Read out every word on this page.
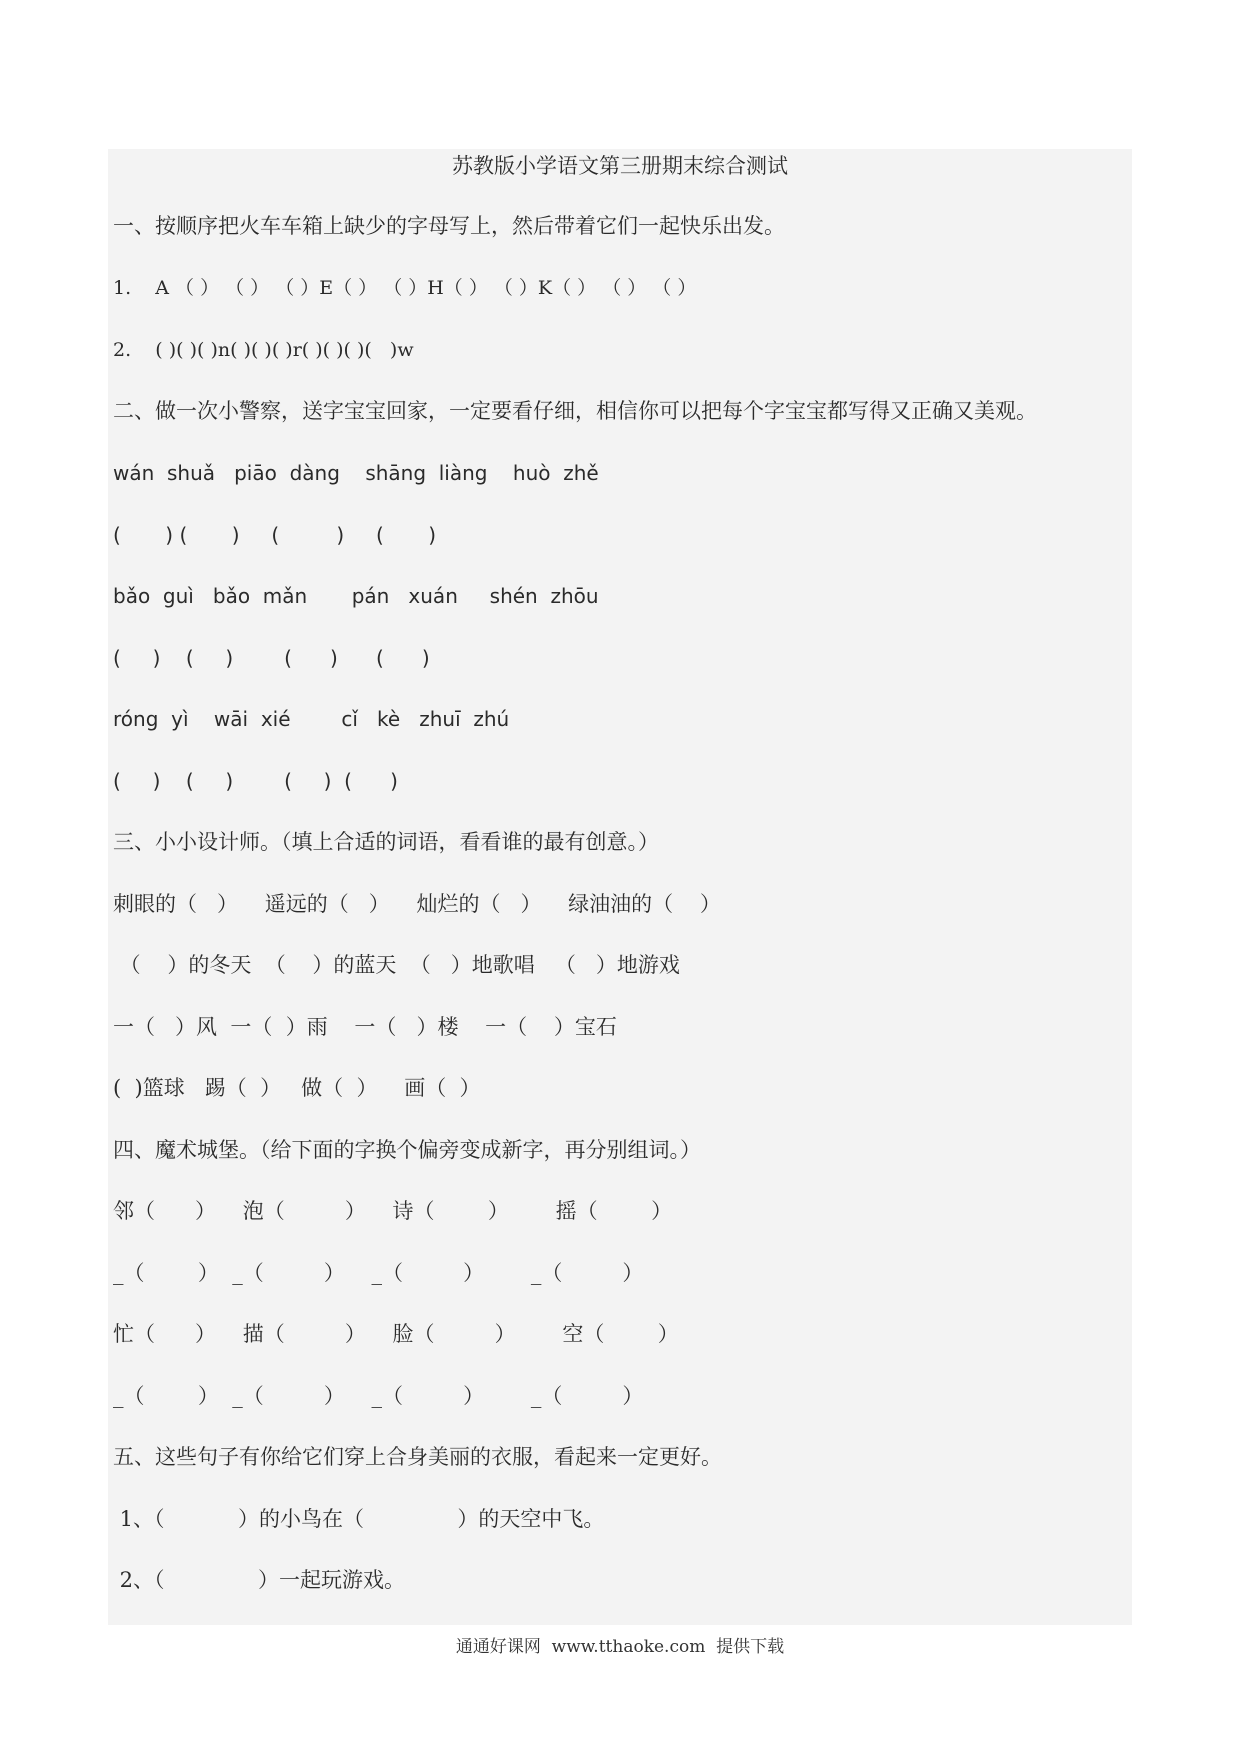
苏教版小学语文第三册期末综合测试
一、按顺序把火车车箱上缺少的字母写上，然后带着它们一起快乐出发。
1.    A （ ） （ ） （ ）E（ ） （ ）H（ ） （ ）K（ ） （ ） （ ）
2.    ( )( )( )n( )( )( )r( )( )( )(   )w
二、做一次小警察，送字宝宝回家，一定要看仔细，相信你可以把每个字宝宝都写得又正确又美观。
wán  shuǎ   piāo  dàng    shāng  liàng    huò  zhě
(       ) (       )     (         )     (       )
bǎo  guì   bǎo  mǎn       pán   xuán     shén  zhōu
(     )    (     )        (      )      (      )
róng  yì    wāi  xié        cǐ   kè   zhuī  zhú
(     )    (     )        (     )  (      )
三、小小设计师。（填上合适的词语，看看谁的最有创意。）
刺眼的（   ）    遥远的（   ）    灿烂的（   ）    绿油油的（    ）
（    ）的冬天  （    ）的蓝天  （   ）地歌唱   （   ）地游戏
一（   ）风  一（  ）雨    一（   ）楼    一（    ）宝石
(  )篮球   踢（  ）   做（  ）    画（  ）
四、魔术城堡。（给下面的字换个偏旁变成新字，再分别组词。）
邻（      ）    泡（         ）    诗（        ）       摇（        ）
_（        ）  _（         ）    _（         ）       _（         ）
忙（      ）    描（         ）    脸（         ）       空（        ）
_（        ）  _（         ）    _（         ）       _（         ）
五、这些句子有你给它们穿上合身美丽的衣服，看起来一定更好。
1、（           ）的小鸟在（              ）的天空中飞。
2、（              ）一起玩游戏。
通通好课网  www.tthaoke.com  提供下载
